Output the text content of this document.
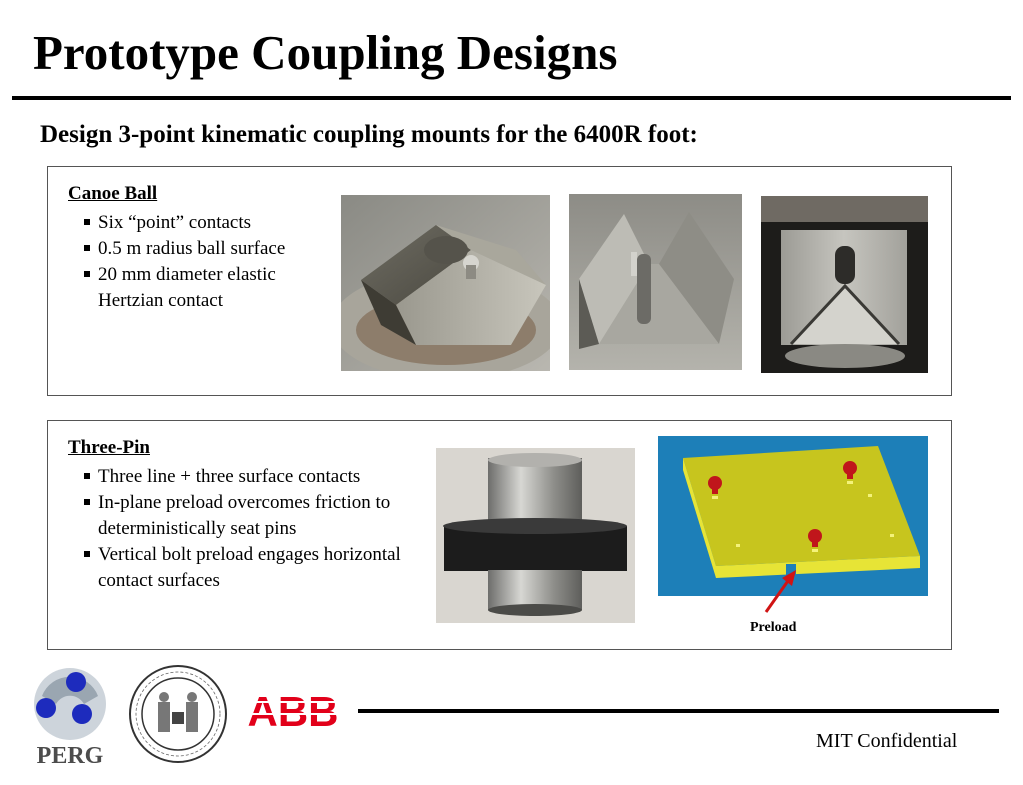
Prototype Coupling Designs
Design 3-point kinematic coupling mounts for the 6400R foot:
Canoe Ball
Six “point” contacts
0.5 m radius ball surface
20 mm diameter elastic Hertzian contact
Three-Pin
Three line + three surface contacts
In-plane preload overcomes friction to deterministically seat pins
Vertical bolt preload engages horizontal contact surfaces
Preload
PERG
ABB
MIT Confidential
